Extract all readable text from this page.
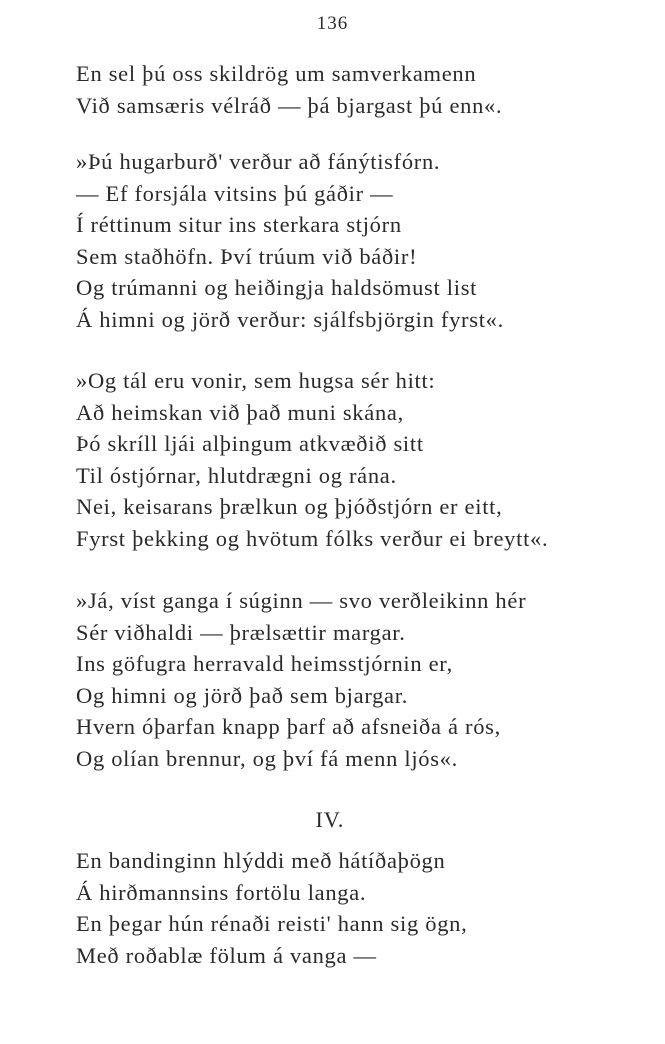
136
En sel þú oss skildrög um samverkamenn
Við samsæris vélráð — þá bjargast þú enn«.
»Þú hugarburð' verður að fánýtisfórn.
— Ef forsjála vitsins þú gáðir —
Í réttinum situr ins sterkara stjórn
Sem staðhöfn. Því trúum við báðir!
Og trúmanni og heiðingja haldsömust list
Á himni og jörð verður: sjálfsbjörgin fyrst«.
»Og tál eru vonir, sem hugsa sér hitt:
Að heimskan við það muni skána,
Þó skríll ljái alþingum atkvæðið sitt
Til óstjórnar, hlutdrægni og rána.
Nei, keisarans þrælkun og þjóðstjórn er eitt,
Fyrst þekking og hvötum fólks verður ei breytt«.
»Já, víst ganga í súginn — svo verðleikinn hér
Sér viðhaldi — þrælsættir margar.
Ins göfugra herravald heimsstjórnin er,
Og himni og jörð það sem bjargar.
Hvern óþarfan knapp þarf að afsneiða á rós,
Og olían brennur, og því fá menn ljós«.
IV.
En bandinginn hlýddi með hátíðaþögn
Á hirðmannsins fortölu langa.
En þegar hún rénaði reisti' hann sig ögn,
Með roðablæ fölum á vanga —
